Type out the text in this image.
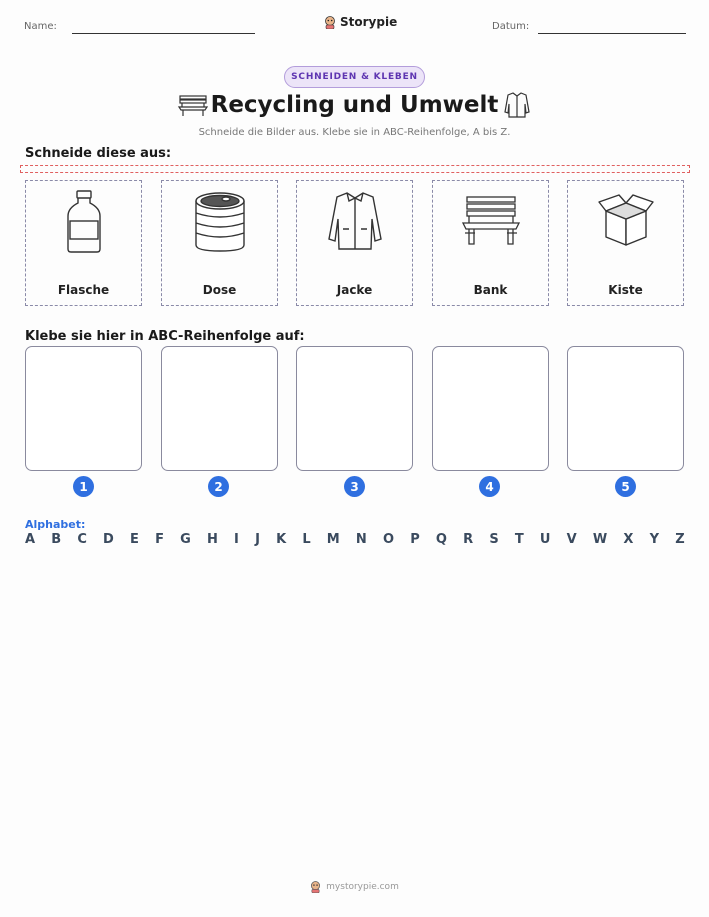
Name:	Storypie	Datum:
SCHNEIDEN & KLEBEN
Recycling und Umwelt
Schneide die Bilder aus. Klebe sie in ABC-Reihenfolge, A bis Z.
Schneide diese aus:
Flasche	Dose	Jacke	Bank	Kiste
Klebe sie hier in ABC-Reihenfolge auf:
1	2	3	4	5
Alphabet:
A B C D E F G H I J K L M N O P Q R S T U V W X Y Z
mystorypie.com
